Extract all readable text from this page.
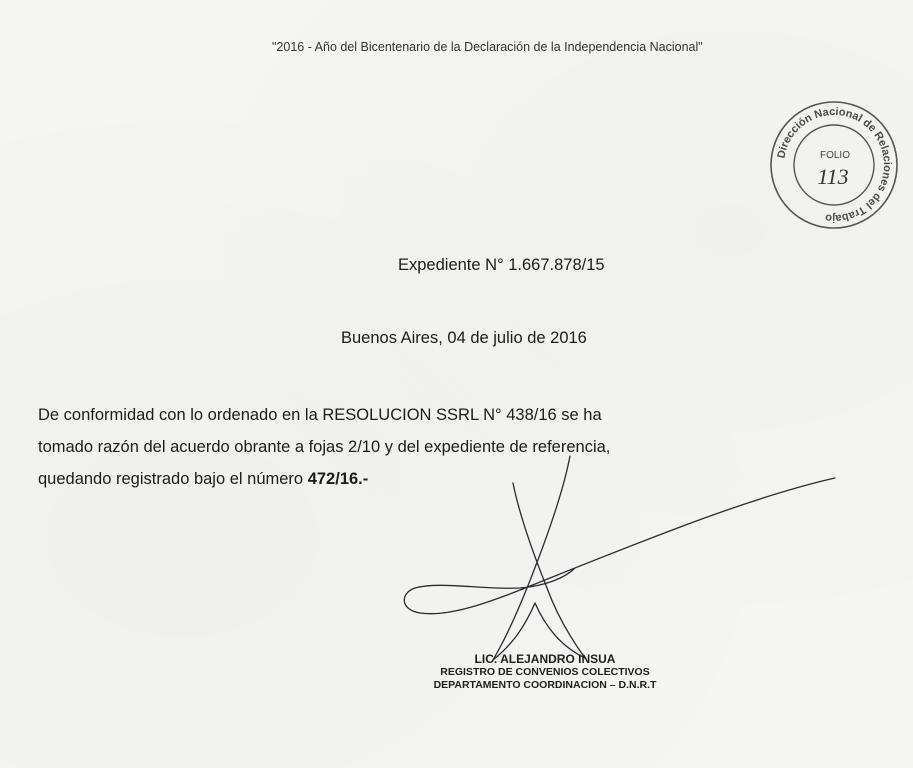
"2016 - Año del Bicentenario de la Declaración de la Independencia Nacional"
Dirección Nacional de Relaciones del Trabajo
FOLIO
113
Expediente N° 1.667.878/15
Buenos Aires, 04 de julio de 2016

De conformidad con lo ordenado en la RESOLUCION SSRL N° 438/16 se ha

tomado razón del acuerdo obrante a fojas 2/10 y del expediente de referencia,

quedando registrado bajo el número 472/16.-

LIC. ALEJANDRO INSUA
REGISTRO DE CONVENIOS COLECTIVOS
DEPARTAMENTO COORDINACION – D.N.R.T
